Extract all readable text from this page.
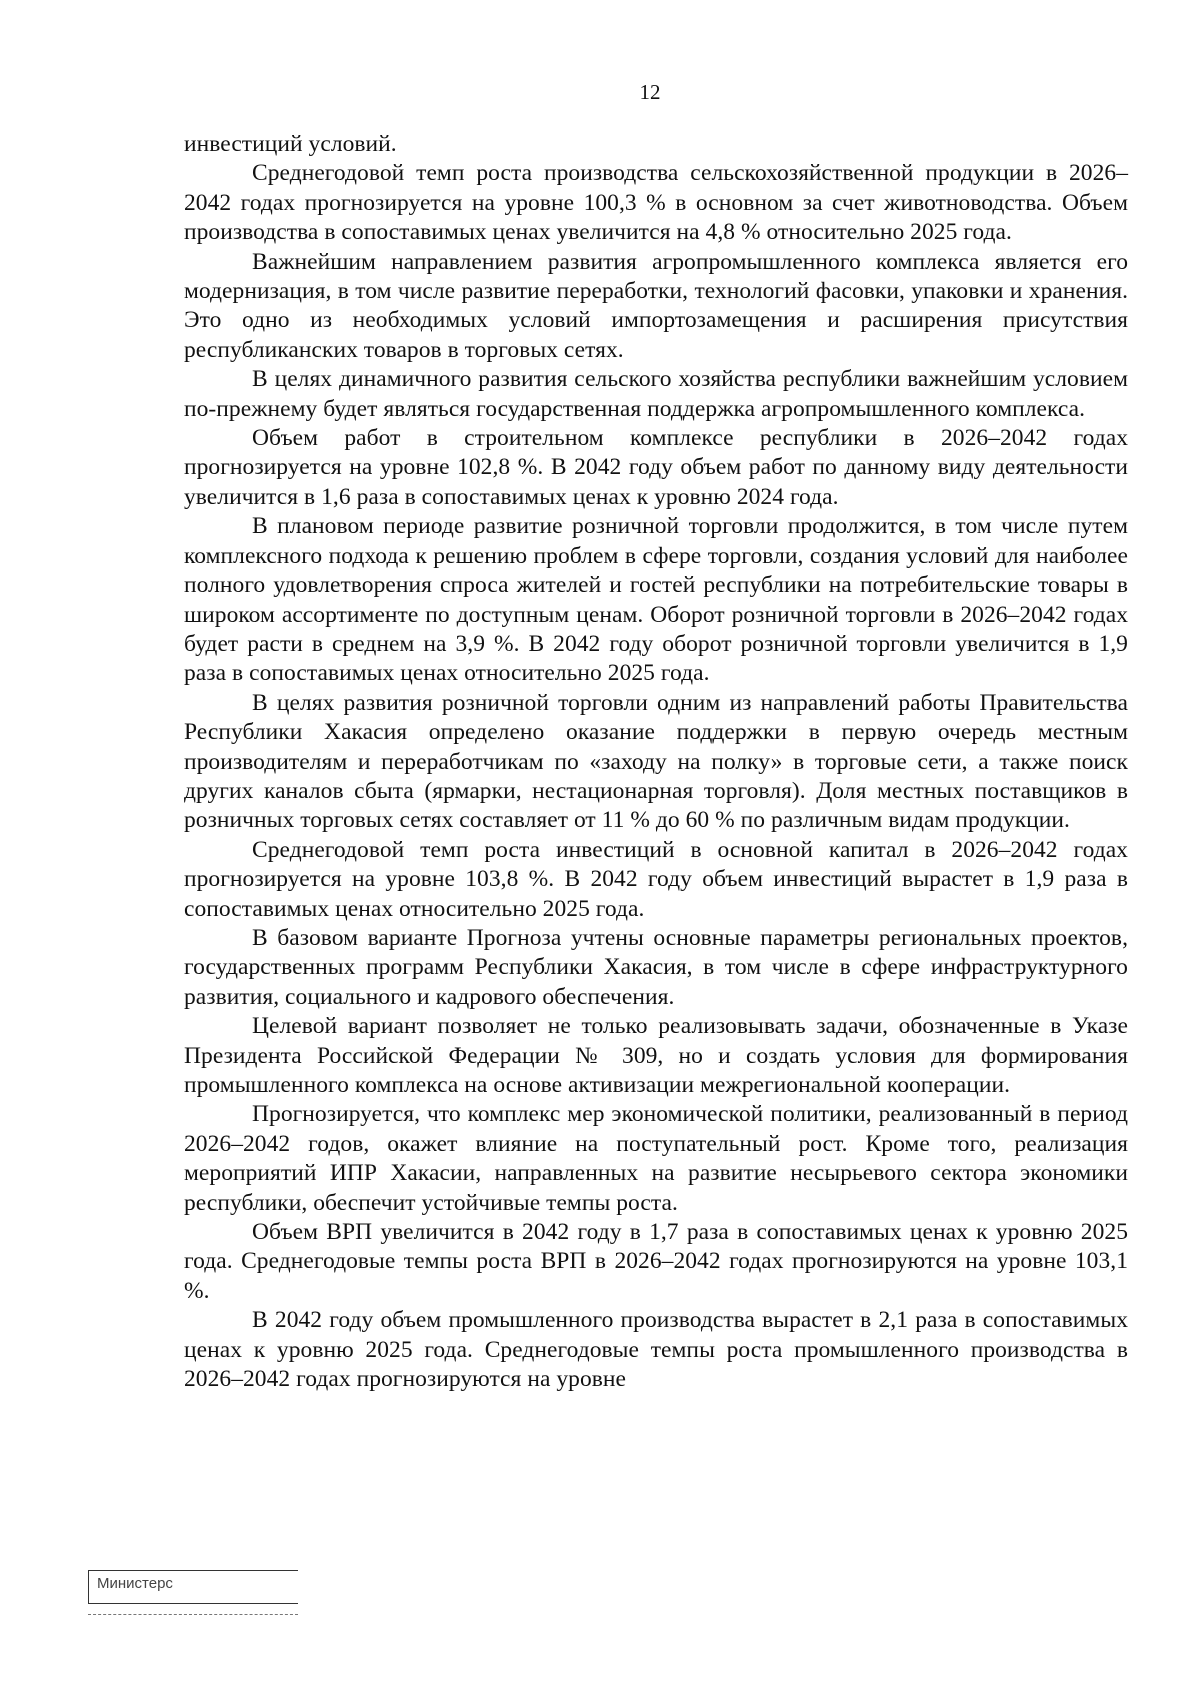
12

инвестиций условий.

Среднегодовой темп роста производства сельскохозяйственной продукции в 2026–2042 годах прогнозируется на уровне 100,3 % в основном за счет животноводства. Объем производства в сопоставимых ценах увеличится на 4,8 % относительно 2025 года.

Важнейшим направлением развития агропромышленного комплекса является его модернизация, в том числе развитие переработки, технологий фасовки, упаковки и хранения. Это одно из необходимых условий импортозамещения и расширения присутствия республиканских товаров в торговых сетях.

В целях динамичного развития сельского хозяйства республики важнейшим условием по-прежнему будет являться государственная поддержка агропромышленного комплекса.

Объем работ в строительном комплексе республики в 2026–2042 годах прогнозируется на уровне 102,8 %. В 2042 году объем работ по данному виду деятельности увеличится в 1,6 раза в сопоставимых ценах к уровню 2024 года.

В плановом периоде развитие розничной торговли продолжится, в том числе путем комплексного подхода к решению проблем в сфере торговли, создания условий для наиболее полного удовлетворения спроса жителей и гостей республики на потребительские товары в широком ассортименте по доступным ценам. Оборот розничной торговли в 2026–2042 годах будет расти в среднем на 3,9 %. В 2042 году оборот розничной торговли увеличится в 1,9 раза в сопоставимых ценах относительно 2025 года.

В целях развития розничной торговли одним из направлений работы Правительства Республики Хакасия определено оказание поддержки в первую очередь местным производителям и переработчикам по «заходу на полку» в торговые сети, а также поиск других каналов сбыта (ярмарки, нестационарная торговля). Доля местных поставщиков в розничных торговых сетях составляет от 11 % до 60 % по различным видам продукции.

Среднегодовой темп роста инвестиций в основной капитал в 2026–2042 годах прогнозируется на уровне 103,8 %. В 2042 году объем инвестиций вырастет в 1,9 раза в сопоставимых ценах относительно 2025 года.

В базовом варианте Прогноза учтены основные параметры региональных проектов, государственных программ Республики Хакасия, в том числе в сфере инфраструктурного развития, социального и кадрового обеспечения.

Целевой вариант позволяет не только реализовывать задачи, обозначенные в Указе Президента Российской Федерации № 309, но и создать условия для формирования промышленного комплекса на основе активизации межрегиональной кооперации.

Прогнозируется, что комплекс мер экономической политики, реализованный в период 2026–2042 годов, окажет влияние на поступательный рост. Кроме того, реализация мероприятий ИПР Хакасии, направленных на развитие несырьевого сектора экономики республики, обеспечит устойчивые темпы роста.

Объем ВРП увеличится в 2042 году в 1,7 раза в сопоставимых ценах к уровню 2025 года. Среднегодовые темпы роста ВРП в 2026–2042 годах прогнозируются на уровне 103,1 %.

В 2042 году объем промышленного производства вырастет в 2,1 раза в сопоставимых ценах к уровню 2025 года. Среднегодовые темпы роста промышленного производства в 2026–2042 годах прогнозируются на уровне

Министерс
